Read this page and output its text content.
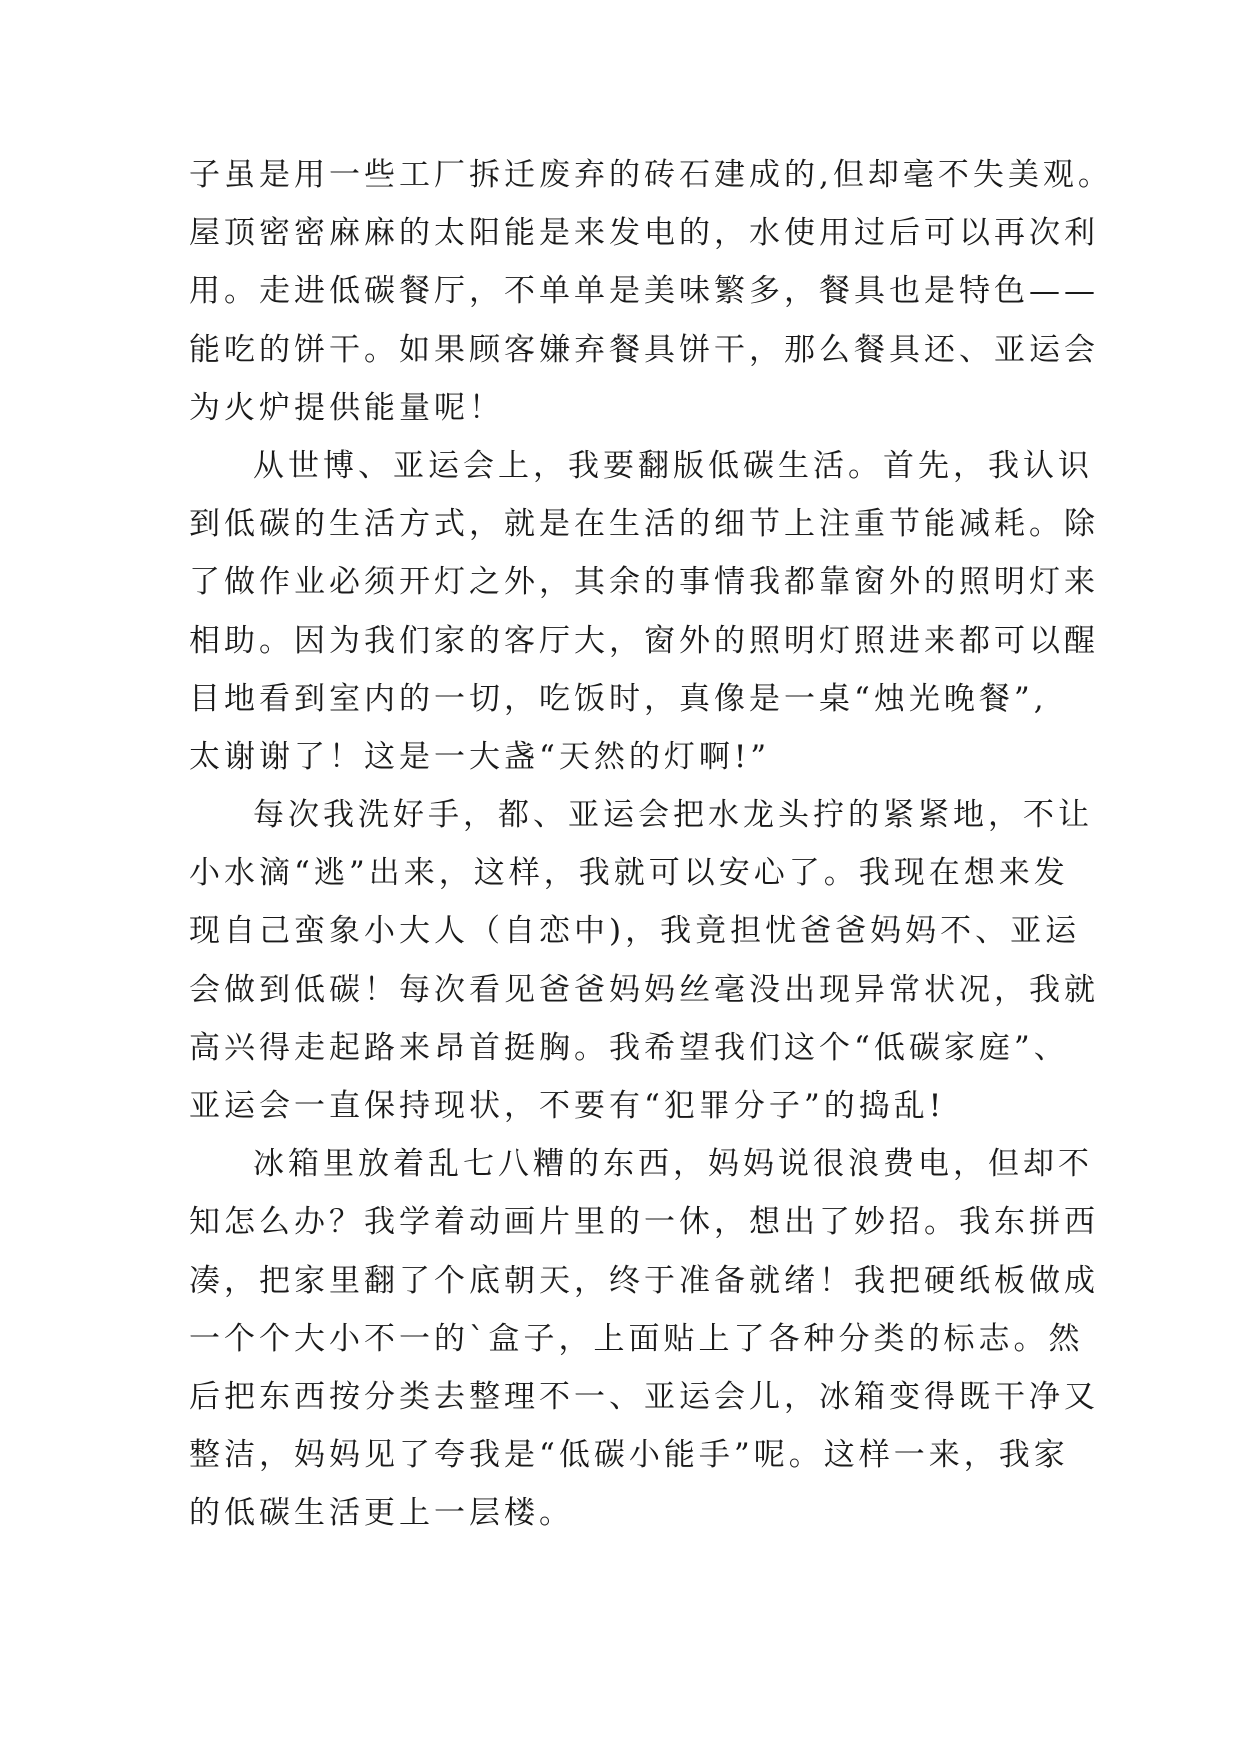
子虽是用一些工厂拆迁废弃的砖石建成的,但却毫不失美观。
屋顶密密麻麻的太阳能是来发电的，水使用过后可以再次利
用。走进低碳餐厅，不单单是美味繁多，餐具也是特色——
能吃的饼干。如果顾客嫌弃餐具饼干，那么餐具还、亚运会
为火炉提供能量呢！
从世博、亚运会上，我要翻版低碳生活。首先，我认识
到低碳的生活方式，就是在生活的细节上注重节能减耗。除
了做作业必须开灯之外，其余的事情我都靠窗外的照明灯来
相助。因为我们家的客厅大，窗外的照明灯照进来都可以醒
目地看到室内的一切，吃饭时，真像是一桌“烛光晚餐”,
太谢谢了！这是一大盏“天然的灯啊!”
每次我洗好手，都、亚运会把水龙头拧的紧紧地，不让
小水滴“逃”出来，这样，我就可以安心了。我现在想来发
现自己蛮象小大人（自恋中)，我竟担忧爸爸妈妈不、亚运
会做到低碳！每次看见爸爸妈妈丝毫没出现异常状况，我就
高兴得走起路来昂首挺胸。我希望我们这个“低碳家庭”、
亚运会一直保持现状，不要有“犯罪分子”的捣乱!
冰箱里放着乱七八糟的东西，妈妈说很浪费电，但却不
知怎么办？我学着动画片里的一休，想出了妙招。我东拼西
凑，把家里翻了个底朝天，终于准备就绪！我把硬纸板做成
一个个大小不一的`盒子，上面贴上了各种分类的标志。然
后把东西按分类去整理不一、亚运会儿，冰箱变得既干净又
整洁，妈妈见了夸我是“低碳小能手”呢。这样一来，我家
的低碳生活更上一层楼。
